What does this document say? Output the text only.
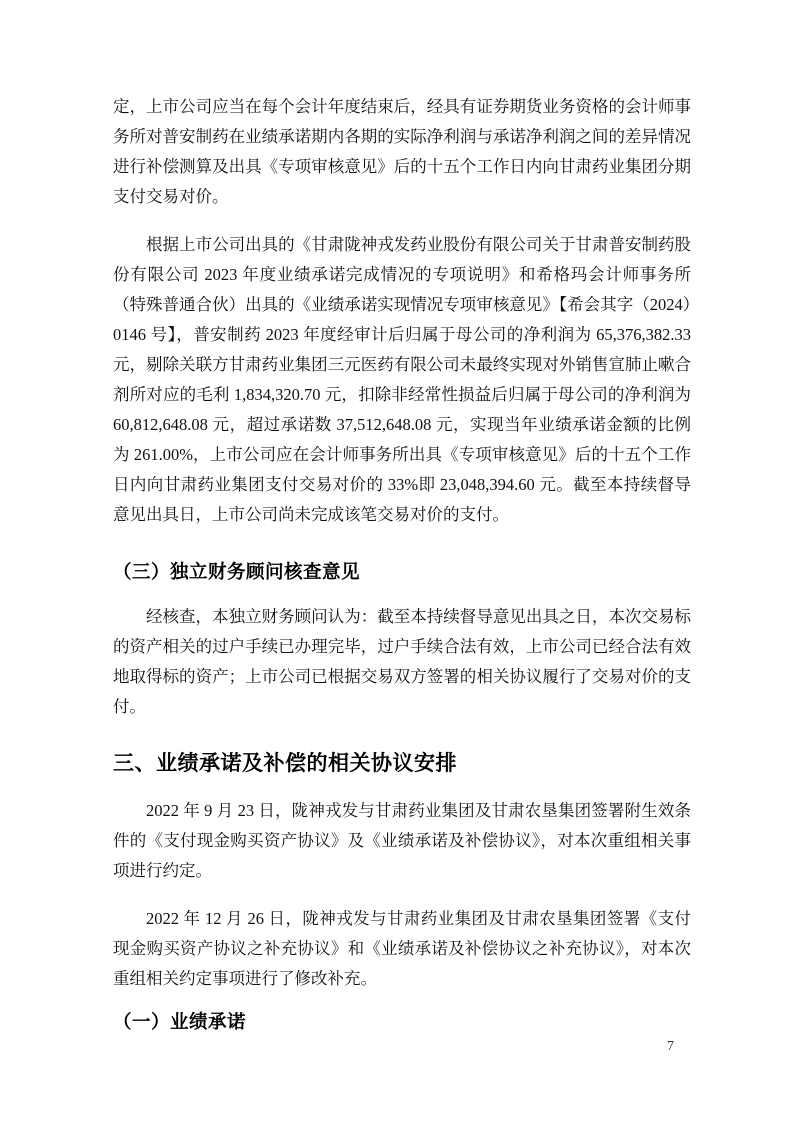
定，上市公司应当在每个会计年度结束后，经具有证券期货业务资格的会计师事务所对普安制药在业绩承诺期内各期的实际净利润与承诺净利润之间的差异情况进行补偿测算及出具《专项审核意见》后的十五个工作日内向甘肃药业集团分期支付交易对价。

根据上市公司出具的《甘肃陇神戎发药业股份有限公司关于甘肃普安制药股份有限公司 2023 年度业绩承诺完成情况的专项说明》和希格玛会计师事务所（特殊普通合伙）出具的《业绩承诺实现情况专项审核意见》【希会其字（2024）0146 号】，普安制药 2023 年度经审计后归属于母公司的净利润为 65,376,382.33 元，剔除关联方甘肃药业集团三元医药有限公司未最终实现对外销售宣肺止嗽合剂所对应的毛利 1,834,320.70 元，扣除非经常性损益后归属于母公司的净利润为 60,812,648.08 元，超过承诺数 37,512,648.08 元，实现当年业绩承诺金额的比例为 261.00%，上市公司应在会计师事务所出具《专项审核意见》后的十五个工作日内向甘肃药业集团支付交易对价的 33%即 23,048,394.60 元。截至本持续督导意见出具日，上市公司尚未完成该笔交易对价的支付。

（三）独立财务顾问核查意见

经核查，本独立财务顾问认为：截至本持续督导意见出具之日，本次交易标的资产相关的过户手续已办理完毕，过户手续合法有效，上市公司已经合法有效地取得标的资产；上市公司已根据交易双方签署的相关协议履行了交易对价的支付。

三、业绩承诺及补偿的相关协议安排

2022 年 9 月 23 日，陇神戎发与甘肃药业集团及甘肃农垦集团签署附生效条件的《支付现金购买资产协议》及《业绩承诺及补偿协议》，对本次重组相关事项进行约定。

2022 年 12 月 26 日，陇神戎发与甘肃药业集团及甘肃农垦集团签署《支付现金购买资产协议之补充协议》和《业绩承诺及补偿协议之补充协议》，对本次重组相关约定事项进行了修改补充。

（一）业绩承诺
7
